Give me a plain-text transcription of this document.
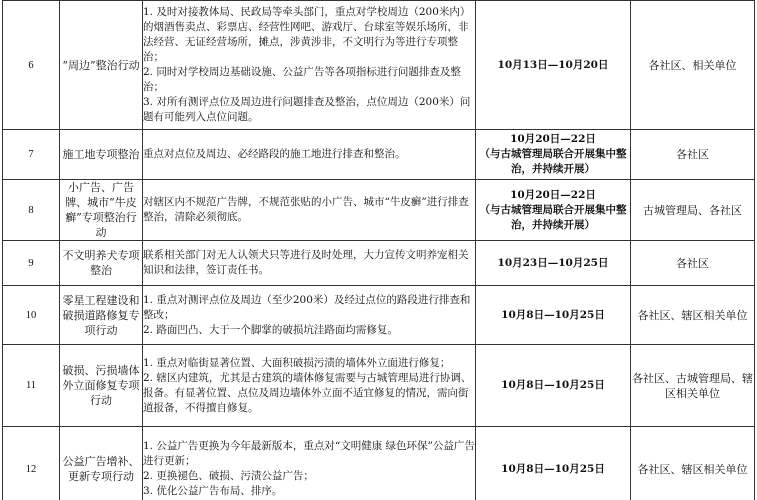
6	“周边”整治行动	1. 及时对接教体局、民政局等牵头部门，重点对学校周边（200米内）的烟酒售卖点、彩票店、经营性网吧、游戏厅、台球室等娱乐场所，非法经营、无证经营场所，摊点，涉黄涉非，不文明行为等进行专项整治；
2. 同时对学校周边基础设施、公益广告等各项指标进行问题排查及整治；
3. 对所有测评点位及周边进行问题排查及整治，点位周边（200米）问题有可能列入点位问题。	10月13日—10月20日	各社区、相关单位
7	施工地专项整治	重点对点位及周边、必经路段的施工地进行排查和整治。	10月20日—22日
（与古城管理局联合开展集中整治，并持续开展）	各社区
8	小广告、广告牌、城市“牛皮癣”专项整治行动	对辖区内不规范广告牌，不规范张贴的小广告、城市“牛皮癣”进行排查整治，清除必须彻底。	10月20日—22日
（与古城管理局联合开展集中整治，并持续开展）	古城管理局、各社区
9	不文明养犬专项整治	联系相关部门对无人认领犬只等进行及时处理，大力宣传文明养宠相关知识和法律，签订责任书。	10月23日—10月25日	各社区
10	零星工程建设和破损道路修复专项行动	1. 重点对测评点位及周边（至少200米）及经过点位的路段进行排查和整改；
2. 路面凹凸、大于一个脚掌的破损坑洼路面均需修复。	10月8日—10月25日	各社区、辖区相关单位
11	破损、污损墙体外立面修复专项行动	1. 重点对临街显著位置、大面积破损污渍的墙体外立面进行修复；
2. 辖区内建筑，尤其是古建筑的墙体修复需要与古城管理局进行协调、报备。有显著位置、点位及周边墙体外立面不适宜修复的情况，需向街道报备，不得擅自修复。	10月8日—10月25日	各社区、古城管理局、辖区相关单位
12	公益广告增补、更新专项行动	1. 公益广告更换为今年最新版本，重点对“文明健康 绿色环保”公益广告进行更新；
2. 更换褪色、破损、污渍公益广告；
3. 优化公益广告布局、排序。	10月8日—10月25日	各社区、辖区相关单位
